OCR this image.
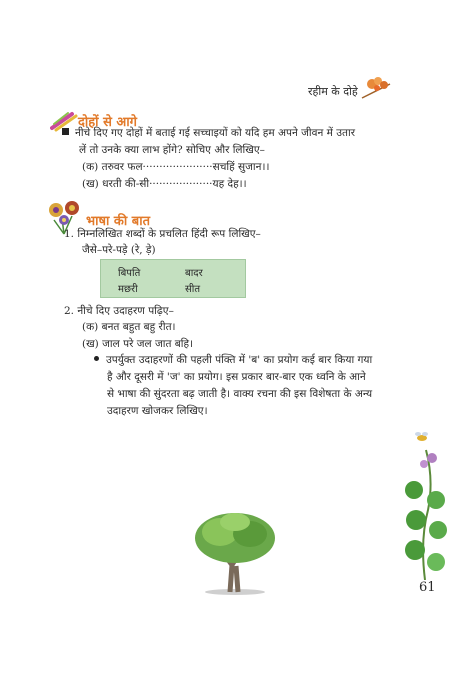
रहीम के दोहे
दोहों से आगे
नीचे दिए गए दोहों में बताई गई सच्चाइयों को यदि हम अपने जीवन में उतार
लें तो उनके क्या लाभ होंगे? सोचिए और लिखिए–
(क) तरुवर फल·····················सचहिं सुजान।।
(ख) धरती की-सी···················यह देह।।
भाषा की बात
1. निम्नलिखित शब्दों के प्रचलित हिंदी रूप लिखिए–
जैसे–परे-पड़े (रे, ड़े)
बिपति	बादर
मछरी	सीत
2. नीचे दिए उदाहरण पढ़िए–
(क) बनत बहुत बहु रीत।
(ख) जाल परे जल जात बहि।
उपर्युक्त उदाहरणों की पहली पंक्ति में 'ब' का प्रयोग कई बार किया गया
है और दूसरी में 'ज' का प्रयोग। इस प्रकार बार-बार एक ध्वनि के आने
से भाषा की सुंदरता बढ़ जाती है। वाक्य रचना की इस विशेषता के अन्य
उदाहरण खोजकर लिखिए।
61
